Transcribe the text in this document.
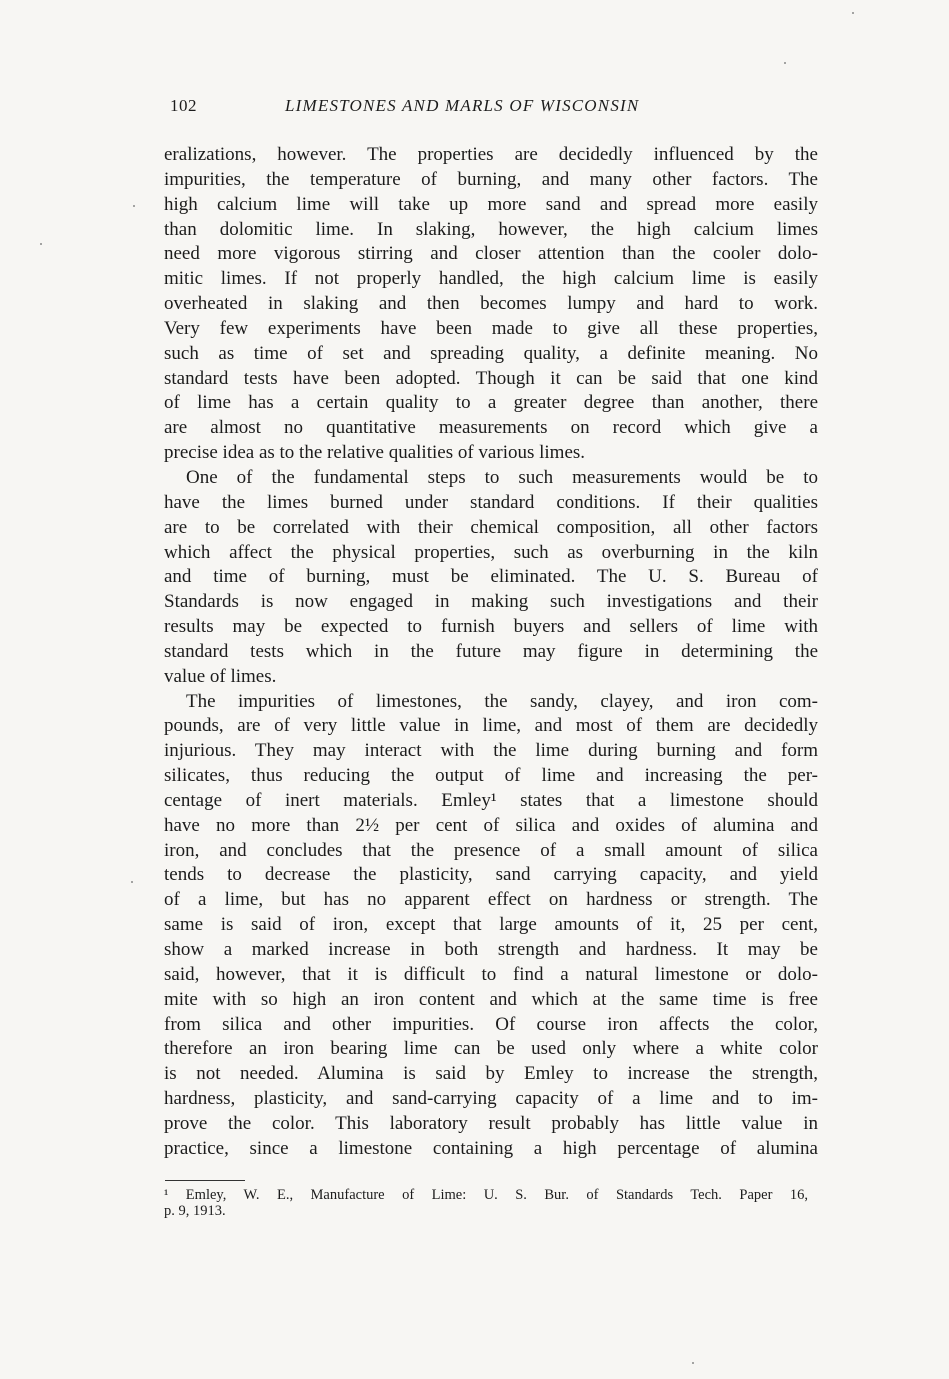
102	LIMESTONES AND MARLS OF WISCONSIN
eralizations, however. The properties are decidedly influenced by the
impurities, the temperature of burning, and many other factors. The
high calcium lime will take up more sand and spread more easily
than dolomitic lime. In slaking, however, the high calcium limes
need more vigorous stirring and closer attention than the cooler dolo-
mitic limes. If not properly handled, the high calcium lime is easily
overheated in slaking and then becomes lumpy and hard to work.
Very few experiments have been made to give all these properties,
such as time of set and spreading quality, a definite meaning. No
standard tests have been adopted. Though it can be said that one kind
of lime has a certain quality to a greater degree than another, there
are almost no quantitative measurements on record which give a
precise idea as to the relative qualities of various limes.
One of the fundamental steps to such measurements would be to
have the limes burned under standard conditions. If their qualities
are to be correlated with their chemical composition, all other factors
which affect the physical properties, such as overburning in the kiln
and time of burning, must be eliminated. The U. S. Bureau of
Standards is now engaged in making such investigations and their
results may be expected to furnish buyers and sellers of lime with
standard tests which in the future may figure in determining the
value of limes.
The impurities of limestones, the sandy, clayey, and iron com-
pounds, are of very little value in lime, and most of them are decidedly
injurious. They may interact with the lime during burning and form
silicates, thus reducing the output of lime and increasing the per-
centage of inert materials. Emley¹ states that a limestone should
have no more than 2½ per cent of silica and oxides of alumina and
iron, and concludes that the presence of a small amount of silica
tends to decrease the plasticity, sand carrying capacity, and yield
of a lime, but has no apparent effect on hardness or strength. The
same is said of iron, except that large amounts of it, 25 per cent,
show a marked increase in both strength and hardness. It may be
said, however, that it is difficult to find a natural limestone or dolo-
mite with so high an iron content and which at the same time is free
from silica and other impurities. Of course iron affects the color,
therefore an iron bearing lime can be used only where a white color
is not needed. Alumina is said by Emley to increase the strength,
hardness, plasticity, and sand-carrying capacity of a lime and to im-
prove the color. This laboratory result probably has little value in
practice, since a limestone containing a high percentage of alumina
¹ Emley, W. E., Manufacture of Lime: U. S. Bur. of Standards Tech. Paper 16,
p. 9, 1913.
